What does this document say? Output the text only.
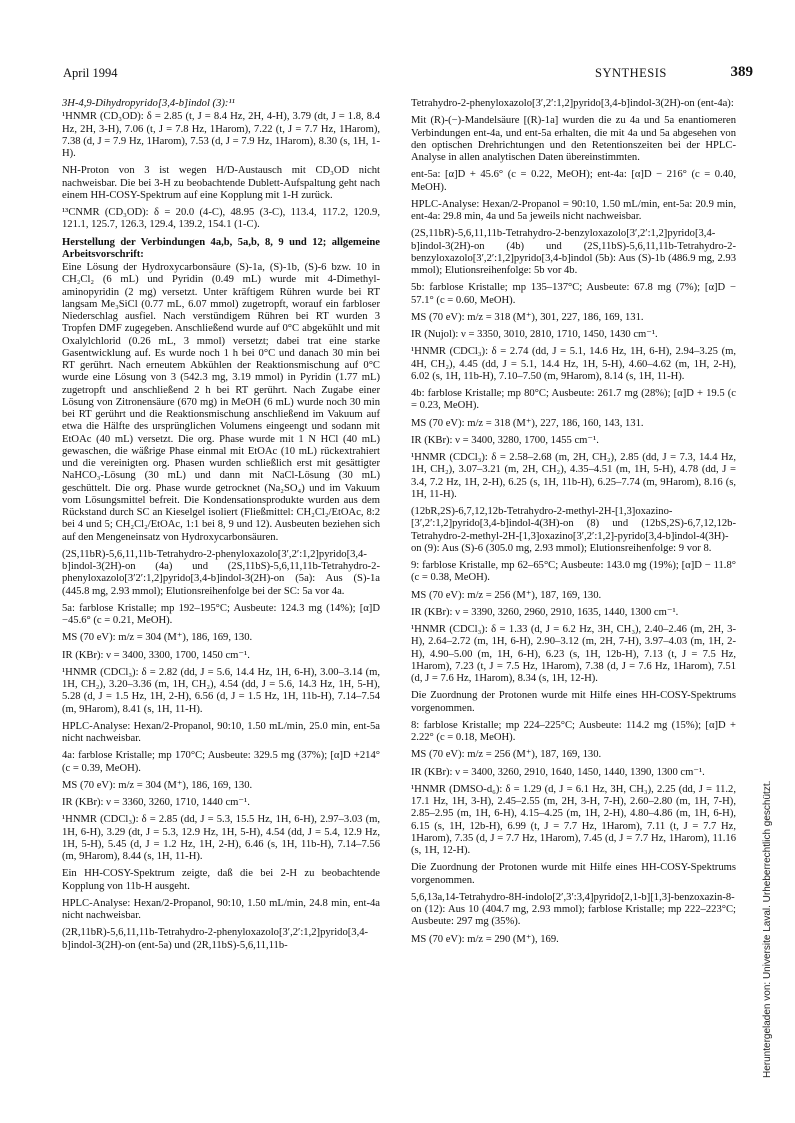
April 1994	SYNTHESIS	389

3H-4,9-Dihydropyrido[3,4-b]indol (3):¹¹

¹HNMR (CD₃OD): δ = 2.85 (t, J = 8.4 Hz, 2H, 4-H), 3.79 (dt, J = 1.8, 8.4 Hz, 2H, 3-H), 7.06 (t, J = 7.8 Hz, 1Harom), 7.22 (t, J = 7.7 Hz, 1Harom), 7.38 (d, J = 7.9 Hz, 1Harom), 7.53 (d, J = 7.9 Hz, 1Harom), 8.30 (s, 1H, 1-H).

NH-Proton von 3 ist wegen H/D-Austausch mit CD₃OD nicht nachweisbar. Die bei 3-H zu beobachtende Dublett-Aufspaltung geht nach einem HH-COSY-Spektrum auf eine Kopplung mit 1-H zurück.

¹³CNMR (CD₃OD): δ = 20.0 (4-C), 48.95 (3-C), 113.4, 117.2, 120.9, 121.1, 125.7, 126.3, 129.4, 139.2, 154.1 (1-C).

Herstellung der Verbindungen 4a,b, 5a,b, 8, 9 und 12; allgemeine Arbeitsvorschrift:

Eine Lösung der Hydroxycarbonsäure (S)-1a, (S)-1b, (S)-6 bzw. 10 in CH₂Cl₂ (6 mL) und Pyridin (0.49 mL) wurde mit 4-Dimethyl-aminopyridin (2 mg) versetzt. Unter kräftigem Rühren wurde bei RT langsam Me₃SiCl (0.77 mL, 6.07 mmol) zugetropft, worauf ein farbloser Niederschlag ausfiel. Nach verstündigem Rühren bei RT wurden 3 Tropfen DMF zugegeben. Anschließend wurde auf 0°C abgekühlt und mit Oxalylchlorid (0.26 mL, 3 mmol) versetzt; dabei trat eine starke Gasentwicklung auf. Es wurde noch 1 h bei 0°C und danach 30 min bei RT gerührt. Nach erneutem Abkühlen der Reaktionsmischung auf 0°C wurde eine Lösung von 3 (542.3 mg, 3.19 mmol) in Pyridin (1.77 mL) zugetropft und anschließend 2 h bei RT gerührt. Nach Zugabe einer Lösung von Zitronensäure (670 mg) in MeOH (6 mL) wurde noch 30 min bei RT gerührt und die Reaktionsmischung anschließend im Vakuum auf etwa die Hälfte des ursprünglichen Volumens eingeengt und sodann mit EtOAc (40 mL) versetzt. Die org. Phase wurde mit 1 N HCl (40 mL) gewaschen, die wäßrige Phase einmal mit EtOAc (10 mL) rückextrahiert und die vereinigten org. Phasen wurden schließlich erst mit gesättigter NaHCO₃-Lösung (30 mL) und dann mit NaCl-Lösung (30 mL) geschüttelt. Die org. Phase wurde getrocknet (Na₂SO₄) und im Vakuum vom Lösungsmittel befreit. Die Kondensationsprodukte wurden aus dem Rückstand durch SC an Kieselgel isoliert (Fließmittel: CH₂Cl₂/EtOAc, 8:2 bei 4 und 5; CH₂Cl₂/EtOAc, 1:1 bei 8, 9 und 12). Ausbeuten beziehen sich auf den Mengeneinsatz von Hydroxycarbonsäuren.

(2S,11bR)-5,6,11,11b-Tetrahydro-2-phenyloxazolo[3′,2′:1,2]pyrido[3,4-b]indol-3(2H)-on (4a) und (2S,11bS)-5,6,11,11b-Tetrahydro-2-phenyloxazolo[3′2′:1,2]pyrido[3,4-b]indol-3(2H)-on (5a): Aus (S)-1a (445.8 mg, 2.93 mmol); Elutionsreihenfolge bei der SC: 5a vor 4a.

5a: farblose Kristalle; mp 192–195°C; Ausbeute: 124.3 mg (14%); [α]D −45.6° (c = 0.21, MeOH).

MS (70 eV): m/z = 304 (M⁺), 186, 169, 130.

IR (KBr): ν = 3400, 3300, 1700, 1450 cm⁻¹.

¹HNMR (CDCl₃): δ = 2.82 (dd, J = 5.6, 14.4 Hz, 1H, 6-H), 3.00–3.14 (m, 1H, CH₂), 3.20–3.36 (m, 1H, CH₂), 4.54 (dd, J = 5.6, 14.3 Hz, 1H, 5-H), 5.28 (d, J = 1.5 Hz, 1H, 2-H), 6.56 (d, J = 1.5 Hz, 1H, 11b-H), 7.14–7.54 (m, 9Harom), 8.41 (s, 1H, 11-H).

HPLC-Analyse: Hexan/2-Propanol, 90:10, 1.50 mL/min, 25.0 min, ent-5a nicht nachweisbar.

4a: farblose Kristalle; mp 170°C; Ausbeute: 329.5 mg (37%); [α]D +214° (c = 0.39, MeOH).

MS (70 eV): m/z = 304 (M⁺), 186, 169, 130.

IR (KBr): ν = 3360, 3260, 1710, 1440 cm⁻¹.

¹HNMR (CDCl₃): δ = 2.85 (dd, J = 5.3, 15.5 Hz, 1H, 6-H), 2.97–3.03 (m, 1H, 6-H), 3.29 (dt, J = 5.3, 12.9 Hz, 1H, 5-H), 4.54 (dd, J = 5.4, 12.9 Hz, 1H, 5-H), 5.45 (d, J = 1.2 Hz, 1H, 2-H), 6.46 (s, 1H, 11b-H), 7.14–7.56 (m, 9Harom), 8.44 (s, 1H, 11-H).

Ein HH-COSY-Spektrum zeigte, daß die bei 2-H zu beobachtende Kopplung von 11b-H ausgeht.

HPLC-Analyse: Hexan/2-Propanol, 90:10, 1.50 mL/min, 24.8 min, ent-4a nicht nachweisbar.

(2R,11bR)-5,6,11,11b-Tetrahydro-2-phenyloxazolo[3′,2′:1,2]pyrido[3,4-b]indol-3(2H)-on (ent-5a) und (2R,11bS)-5,6,11,11b-

Tetrahydro-2-phenyloxazolo[3′,2′:1,2]pyrido[3,4-b]indol-3(2H)-on (ent-4a):

Mit (R)-(−)-Mandelsäure [(R)-1a] wurden die zu 4a und 5a enantiomeren Verbindungen ent-4a, und ent-5a erhalten, die mit 4a und 5a abgesehen von den optischen Drehrichtungen und den Retentionszeiten bei der HPLC-Analyse in allen analytischen Daten übereinstimmten.

ent-5a: [α]D + 45.6° (c = 0.22, MeOH); ent-4a: [α]D − 216° (c = 0.40, MeOH).

HPLC-Analyse: Hexan/2-Propanol = 90:10, 1.50 mL/min, ent-5a: 20.9 min, ent-4a: 29.8 min, 4a und 5a jeweils nicht nachweisbar.

(2S,11bR)-5,6,11,11b-Tetrahydro-2-benzyloxazolo[3′,2′:1,2]pyrido[3,4-b]indol-3(2H)-on (4b) und (2S,11bS)-5,6,11,11b-Tetrahydro-2-benzyloxazolo[3′,2′:1,2]pyrido[3,4-b]indol (5b): Aus (S)-1b (486.9 mg, 2.93 mmol); Elutionsreihenfolge: 5b vor 4b.

5b: farblose Kristalle; mp 135–137°C; Ausbeute: 67.8 mg (7%); [α]D − 57.1° (c = 0.60, MeOH).

MS (70 eV): m/z = 318 (M⁺), 301, 227, 186, 169, 131.

IR (Nujol): ν = 3350, 3010, 2810, 1710, 1450, 1430 cm⁻¹.

¹HNMR (CDCl₃): δ = 2.74 (dd, J = 5.1, 14.6 Hz, 1H, 6-H), 2.94–3.25 (m, 4H, CH₂), 4.45 (dd, J = 5.1, 14.4 Hz, 1H, 5-H), 4.60–4.62 (m, 1H, 2-H), 6.02 (s, 1H, 11b-H), 7.10–7.50 (m, 9Harom), 8.14 (s, 1H, 11-H).

4b: farblose Kristalle; mp 80°C; Ausbeute: 261.7 mg (28%); [α]D + 19.5 (c = 0.23, MeOH).

MS (70 eV): m/z = 318 (M⁺), 227, 186, 160, 143, 131.

IR (KBr): ν = 3400, 3280, 1700, 1455 cm⁻¹.

¹HNMR (CDCl₃): δ = 2.58–2.68 (m, 2H, CH₂), 2.85 (dd, J = 7.3, 14.4 Hz, 1H, CH₂), 3.07–3.21 (m, 2H, CH₂), 4.35–4.51 (m, 1H, 5-H), 4.78 (dd, J = 3.4, 7.2 Hz, 1H, 2-H), 6.25 (s, 1H, 11b-H), 6.25–7.74 (m, 9Harom), 8.16 (s, 1H, 11-H).

(12bR,2S)-6,7,12,12b-Tetrahydro-2-methyl-2H-[1,3]oxazino-[3′,2′:1,2]pyrido[3,4-b]indol-4(3H)-on (8) und (12bS,2S)-6,7,12,12b-Tetrahydro-2-methyl-2H-[1,3]oxazino[3′,2′:1,2]-pyrido[3,4-b]indol-4(3H)-on (9): Aus (S)-6 (305.0 mg, 2.93 mmol); Elutionsreihenfolge: 9 vor 8.

9: farblose Kristalle, mp 62–65°C; Ausbeute: 143.0 mg (19%); [α]D − 11.8° (c = 0.38, MeOH).

MS (70 eV): m/z = 256 (M⁺), 187, 169, 130.

IR (KBr): ν = 3390, 3260, 2960, 2910, 1635, 1440, 1300 cm⁻¹.

¹HNMR (CDCl₃): δ = 1.33 (d, J = 6.2 Hz, 3H, CH₃), 2.40–2.46 (m, 2H, 3-H), 2.64–2.72 (m, 1H, 6-H), 2.90–3.12 (m, 2H, 7-H), 3.97–4.03 (m, 1H, 2-H), 4.90–5.00 (m, 1H, 6-H), 6.23 (s, 1H, 12b-H), 7.13 (t, J = 7.5 Hz, 1Harom), 7.23 (t, J = 7.5 Hz, 1Harom), 7.38 (d, J = 7.6 Hz, 1Harom), 7.51 (d, J = 7.6 Hz, 1Harom), 8.34 (s, 1H, 12-H).

Die Zuordnung der Protonen wurde mit Hilfe eines HH-COSY-Spektrums vorgenommen.

8: farblose Kristalle; mp 224–225°C; Ausbeute: 114.2 mg (15%); [α]D + 2.22° (c = 0.18, MeOH).

MS (70 eV): m/z = 256 (M⁺), 187, 169, 130.

IR (KBr): ν = 3400, 3260, 2910, 1640, 1450, 1440, 1390, 1300 cm⁻¹.

¹HNMR (DMSO-d₆): δ = 1.29 (d, J = 6.1 Hz, 3H, CH₃), 2.25 (dd, J = 11.2, 17.1 Hz, 1H, 3-H), 2.45–2.55 (m, 2H, 3-H, 7-H), 2.60–2.80 (m, 1H, 7-H), 2.85–2.95 (m, 1H, 6-H), 4.15–4.25 (m, 1H, 2-H), 4.80–4.86 (m, 1H, 6-H), 6.15 (s, 1H, 12b-H), 6.99 (t, J = 7.7 Hz, 1Harom), 7.11 (t, J = 7.7 Hz, 1Harom), 7.35 (d, J = 7.7 Hz, 1Harom), 7.45 (d, J = 7.7 Hz, 1Harom), 11.16 (s, 1H, 12-H).

Die Zuordnung der Protonen wurde mit Hilfe eines HH-COSY-Spektrums vorgenommen.

5,6,13a,14-Tetrahydro-8H-indolo[2′,3′:3,4]pyrido[2,1-b][1,3]-benzoxazin-8-on (12): Aus 10 (404.7 mg, 2.93 mmol); farblose Kristalle; mp 222–223°C; Ausbeute: 297 mg (35%).

MS (70 eV): m/z = 290 (M⁺), 169.	Heruntergeladen von: Universite Laval. Urheberrechtlich geschützt.
